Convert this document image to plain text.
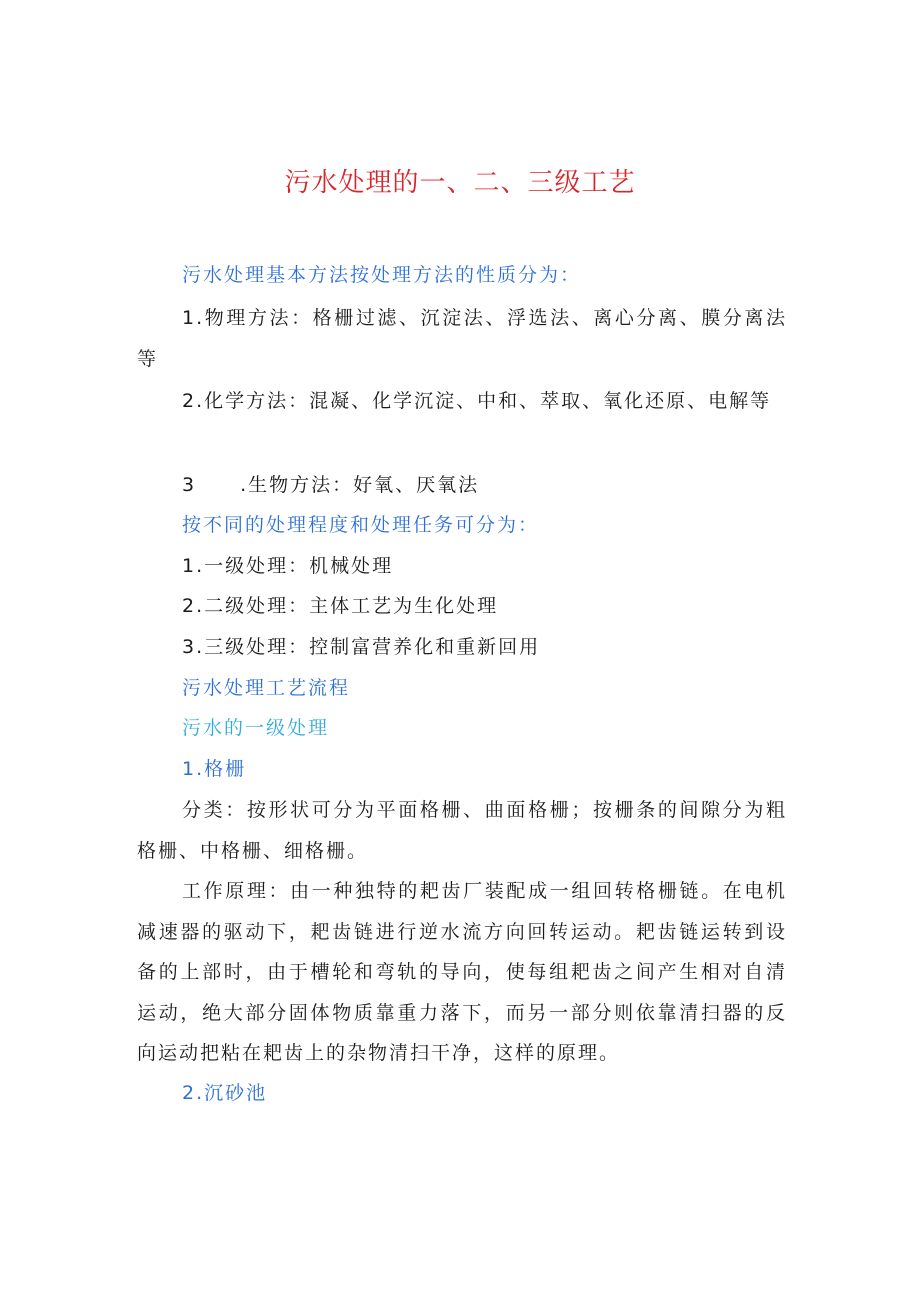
污水处理的一、二、三级工艺
污水处理基本方法按处理方法的性质分为：
1.物理方法：格栅过滤、沉淀法、浮选法、离心分离、膜分离法等
2.化学方法：混凝、化学沉淀、中和、萃取、氧化还原、电解等
3 .生物方法：好氧、厌氧法
按不同的处理程度和处理任务可分为：
1.一级处理：机械处理
2.二级处理：主体工艺为生化处理
3.三级处理：控制富营养化和重新回用
污水处理工艺流程
污水的一级处理
1.格栅
分类：按形状可分为平面格栅、曲面格栅；按栅条的间隙分为粗格栅、中格栅、细格栅。
工作原理：由一种独特的耙齿厂装配成一组回转格栅链。在电机减速器的驱动下，耙齿链进行逆水流方向回转运动。耙齿链运转到设备的上部时，由于槽轮和弯轨的导向，使每组耙齿之间产生相对自清运动，绝大部分固体物质靠重力落下，而另一部分则依靠清扫器的反向运动把粘在耙齿上的杂物清扫干净，这样的原理。
2.沉砂池
